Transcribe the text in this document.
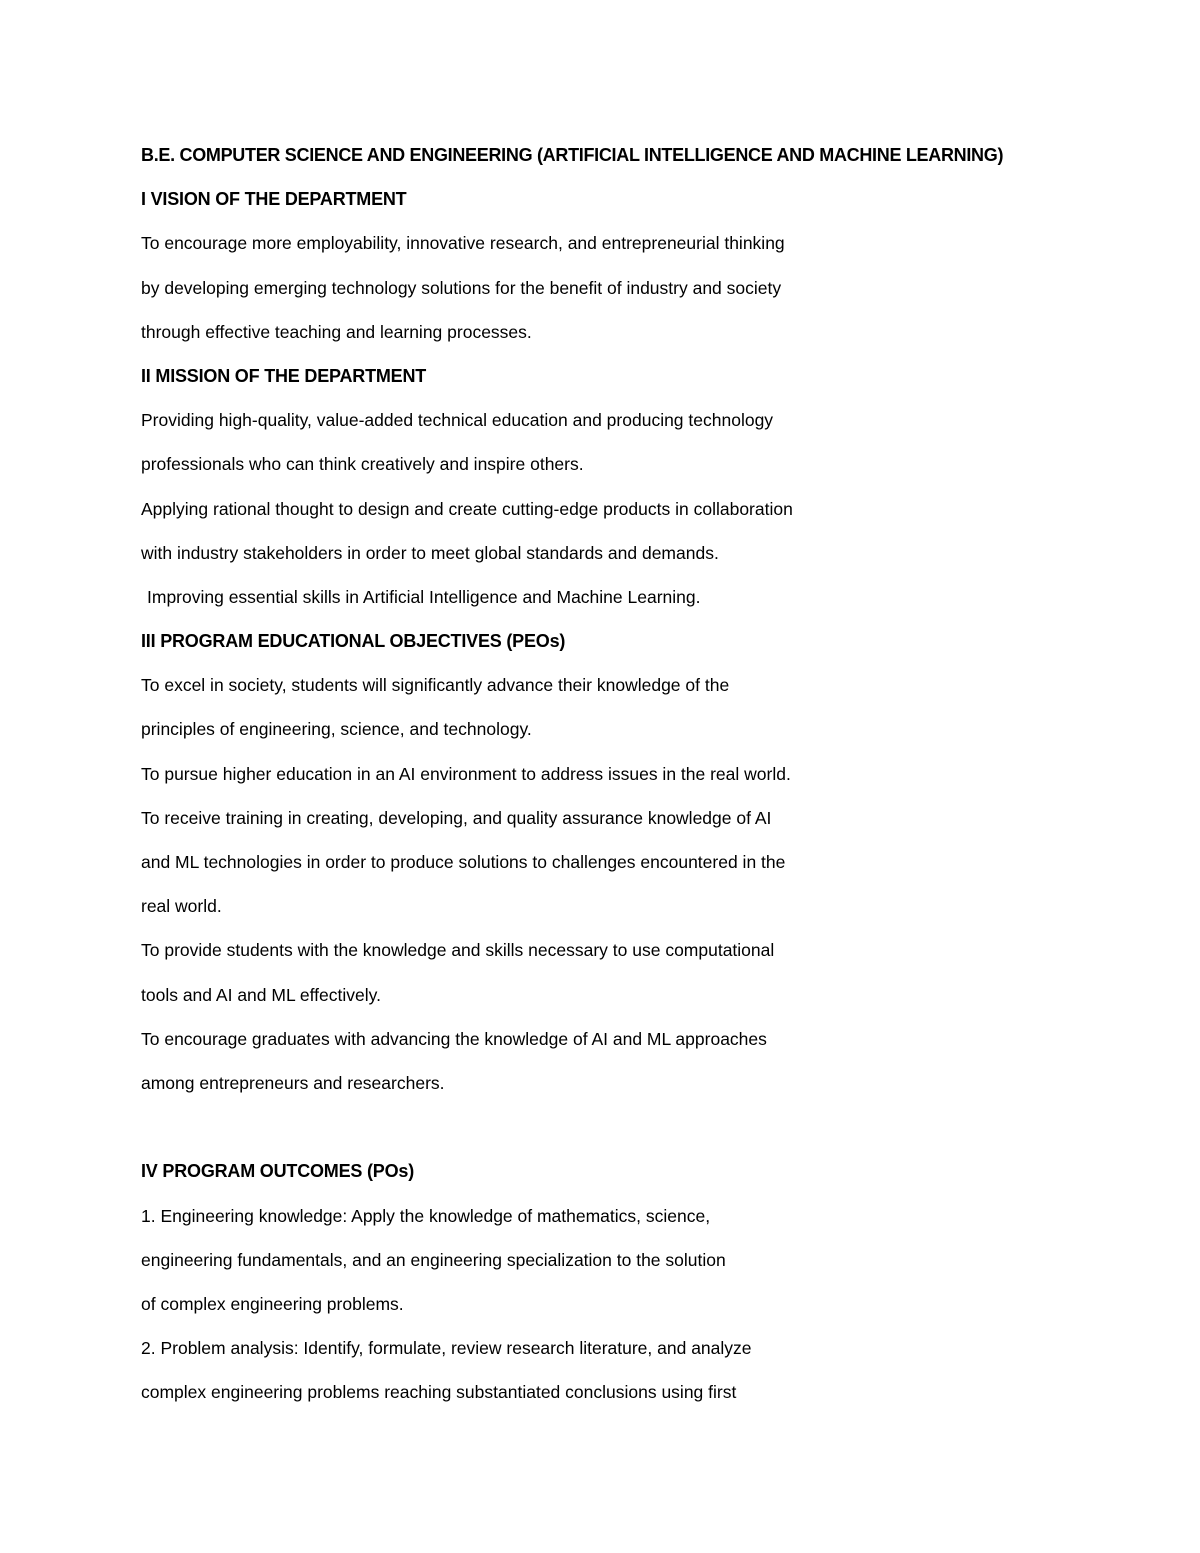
B.E. COMPUTER SCIENCE AND ENGINEERING (ARTIFICIAL INTELLIGENCE AND MACHINE LEARNING)
I VISION OF THE DEPARTMENT
To encourage more employability, innovative research, and entrepreneurial thinking
by developing emerging technology solutions for the benefit of industry and society
through effective teaching and learning processes.
II MISSION OF THE DEPARTMENT
Providing high-quality, value-added technical education and producing technology
professionals who can think creatively and inspire others.
Applying rational thought to design and create cutting-edge products in collaboration
with industry stakeholders in order to meet global standards and demands.
Improving essential skills in Artificial Intelligence and Machine Learning.
III PROGRAM EDUCATIONAL OBJECTIVES (PEOs)
To excel in society, students will significantly advance their knowledge of the
principles of engineering, science, and technology.
To pursue higher education in an AI environment to address issues in the real world.
To receive training in creating, developing, and quality assurance knowledge of AI
and ML technologies in order to produce solutions to challenges encountered in the
real world.
To provide students with the knowledge and skills necessary to use computational
tools and AI and ML effectively.
To encourage graduates with advancing the knowledge of AI and ML approaches
among entrepreneurs and researchers.
IV PROGRAM OUTCOMES (POs)
1. Engineering knowledge: Apply the knowledge of mathematics, science,
engineering fundamentals, and an engineering specialization to the solution
of complex engineering problems.
2. Problem analysis: Identify, formulate, review research literature, and analyze
complex engineering problems reaching substantiated conclusions using first
